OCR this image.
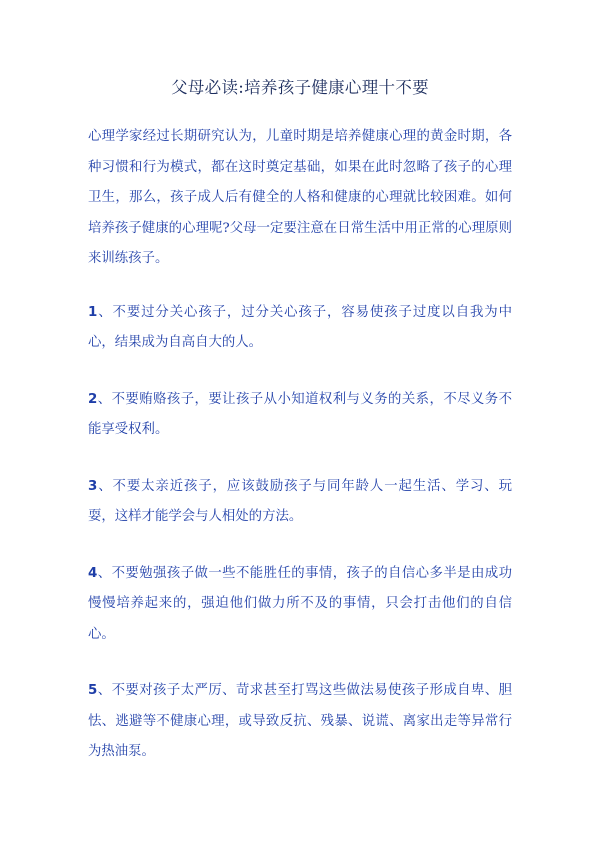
父母必读:培养孩子健康心理十不要

心理学家经过长期研究认为，儿童时期是培养健康心理的黄金时期，各种习惯和行为模式，都在这时奠定基础，如果在此时忽略了孩子的心理卫生，那么，孩子成人后有健全的人格和健康的心理就比较困难。如何培养孩子健康的心理呢?父母一定要注意在日常生活中用正常的心理原则来训练孩子。

1、不要过分关心孩子，过分关心孩子，容易使孩子过度以自我为中心，结果成为自高自大的人。

2、不要贿赂孩子，要让孩子从小知道权利与义务的关系，不尽义务不能享受权利。

3、不要太亲近孩子，应该鼓励孩子与同年龄人一起生活、学习、玩耍，这样才能学会与人相处的方法。

4、不要勉强孩子做一些不能胜任的事情，孩子的自信心多半是由成功慢慢培养起来的，强迫他们做力所不及的事情，只会打击他们的自信心。

5、不要对孩子太严厉、苛求甚至打骂这些做法易使孩子形成自卑、胆怯、逃避等不健康心理，或导致反抗、残暴、说谎、离家出走等异常行为热油泵。
